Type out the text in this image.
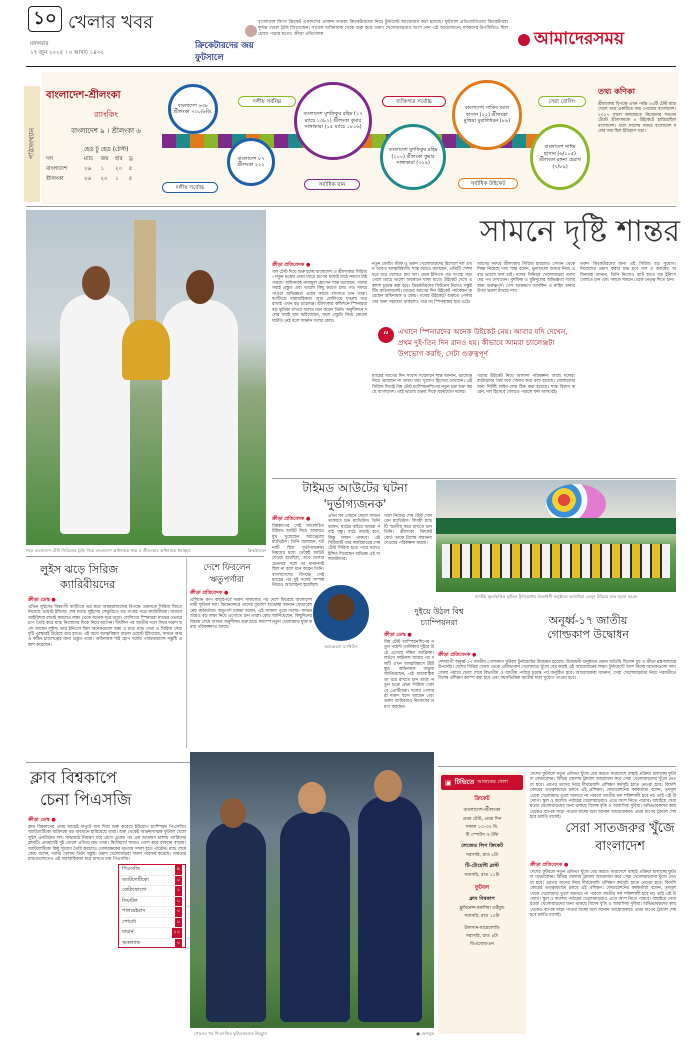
১০ খেলার খবর
মঙ্গলবার
১৭ জুন ২০২৫ । ৩ আষাঢ় ১৪৩২
ক্রিকেটারদের জয় ফুটসালে
বাংলাদেশ কিংস ক্রিকেট একাদশের প্রাক্তন তারকা ক্রিকেটারদের নিয়ে টুর্নামেন্ট আয়োজন করা হয়েছে। ফুটসাল প্রতিযোগিতায় ক্রিকেটাররা দুর্দান্ত খেলে ট্রফি জিতেছেন। সাবেক অধিনায়ক থেকে শুরু করে তরুণ খেলোয়াড়রাও অংশ নেন এই আয়োজনে। দর্শকদের উপস্থিতিও ছিল চোখে পড়ার মতো। ক্রীড়া প্রতিবেদক	আমাদেরসময়
পরিসংখ্যান
বাংলাদেশ-শ্রীলংকা
র‍্যাংকিং
বাংলাদেশ ৯ । শ্রীলংকা ৬
হেড টু হেড (টেস্ট)
দল	ম্যাচ	জয়	হার	ড্র
বাংলাদেশ	২৬	১	২০	৫
শ্রীলংকা	২৬	২০	১	৫
বাংলাদেশ ৬৩৮ শ্রীলংকা ৭৩০/৬ডি.
বাংলাদেশ ৮৭ শ্রীলংকা ২২২
দলীয় সর্বনিম্ন
দলীয় সর্বোচ্চ
বাংলাদেশ মুশফিকুর রহিম (১৭ ম্যাচে ১৩৮২) শ্রীলংকা কুমার সাঙ্গাকারা (১৫ ম্যাচে ১৮১৬)
সর্বাধিক রান
ব্যক্তিগত সর্বোচ্চ
বাংলাদেশ মুশফিকুর রহিম (২০০) শ্রীলংকা কুমার সাঙ্গাকারা (৩১৯)
বাংলাদেশ সাকিব আল হাসান (২২) শ্রীলংকা মুত্তিয়া মুরালিধরন (৮৯)
সর্বাধিক উইকেট
সেরা বোলিং
বাংলাদেশ নাঈম হাসান (৬/১০৫) শ্রীলংকা রঙ্গনা হেরাথ (৭/৮৯)
তথ্য কণিকা
শ্রীলংকার বিপক্ষে এখন পর্যন্ত ২৬টি টেস্ট ম্যাচ খেলে মাত্র একটিতে জয় পেয়েছে বাংলাদেশ। ২০১৭ সালে কলম্বোতে নিজেদের শততম টেস্টে শ্রীলংকাকে ৪ উইকেটে হারিয়েছিল বাংলাদেশ। গলে সবশেষ সফরে বাংলাদেশ দলের জয় ছিল ইতিহাস গড়া।
গলে বাংলাদেশ টেস্ট সিরিজের ট্রফি নিয়ে বাংলাদেশ অধিনায়ক শান্ত ও শ্রীলংকার অধিনায়ক ধনাঞ্জয়া	ক্রিকইনফো
সামনে দৃষ্টি শান্তর
ক্রীড়া প্রতিবেদক ●
গল টেস্ট দিয়ে শুরু হচ্ছে বাংলাদেশ ও শ্রীলংকার সিরিজ। নতুন চক্রের প্রথম ম্যাচে চাপের মধ্যেই মাঠে নামবে টাইগাররা। অধিনায়ক নাজমুল হোসেন শান্ত বলেছেন, দলের সবাই প্রস্তুত এবং ভালো কিছু করতে চায়। গত সফরে পাওয়া অভিজ্ঞতা এবার কাজে লাগাতে চান তারা। ব্যাটিংয়ে ধারাবাহিকতা আর বোলিংয়ে শৃঙ্খলা ধরে রাখাই এখন বড় চ্যালেঞ্জ। শ্রীলংকার কন্ডিশনে স্পিনাররা বড় ভূমিকা রাখবে বলেও মনে করেন তিনি। অনুশীলনে দলের সবাই ঘাম ঝরিয়েছেন, ফলে প্রস্তুতি নিয়ে কোনো ঘাটতি নেই বলে জানান দলের কোচ।
নতুন কোচিং স্টাফ ও তরুণ খেলোয়াড়দের মিশেলে দল এখন আরও আত্মবিশ্বাসী। শান্ত আরও বলেছেন, প্রতিটি সেশন ধরে ধরে খেলতে চায় দল। প্রথম ইনিংসে বড় সংগ্রহ গড়া গেলে ম্যাচে ভালো অবস্থানে থাকা যাবে। উইকেট দেখে একাদশ চূড়ান্ত করা হবে। ক্রিকেটারদের ফিটনেস নিয়েও সন্তুষ্ট টিম ম্যানেজমেন্ট। ম্যাচের আগের দিন উইকেট পর্যবেক্ষণ করেছেন অধিনায়ক ও কোচ। গলের উইকেটে শুরুতে পেসারদের জন্য সহায়তা থাকলেও পরে তা স্পিনবান্ধব হয়ে ওঠে।
আগের সফরে শ্রীলংকায় সিরিজ হারলেও সেখান থেকে শিক্ষা নিয়েছে দল। শান্ত বলেন, ভুলগুলো শুধরে নিয়ে এবার ভালো ফল চাই। দলের সিনিয়র খেলোয়াড়রা তরুণদের পথ দেখাবেন। মুশফিক ও মুমিনুলের অভিজ্ঞতা দলের জন্য গুরুত্বপূর্ণ। পেস আক্রমণে তাসকিন ও নাহিদ রানার উপর ভরসা রাখছে দল।
তরুণ ক্রিকেটারদের জন্য এই সিরিজ বড় সুযোগ। নিজেদের প্রমাণ করার মঞ্চ হবে গল ও কলম্বো। অধিনায়ক জানান, তিনি নিজেও ব্যাট হাতে বড় ইনিংস খেলতে চান এবং দলকে সামনে থেকে নেতৃত্ব দিতে চান।
“	এখানে স্পিনারদের অনেক উইকেট নেয়। আবার যদি দেখেন, প্রথম দুই-তিন দিন রানও হয়। কীভাবে আমরা চ্যালেঞ্জটা উপভোগ করছি, সেটা গুরুত্বপূর্ণ
ম্যাচের আগের দিন সংবাদ সম্মেলনে শান্ত জানান, চ্যালেঞ্জ নিয়ে ভাবছেন না তারা। বরং সুযোগ হিসেবে দেখছেন। এই সিরিজ দিয়েই বিশ্ব টেস্ট চ্যাম্পিয়নশিপের নতুন চক্র শুরু করছে বাংলাদেশ। তাই ভালো শুরুর দিকে মনোযোগ দলের।
গলের উইকেট নিয়ে আলাদা পরিকল্পনা আছে দলের। ব্যাটারদের ধৈর্য ধরে খেলার কথা বলা হয়েছে। বোলারদের জন্য নির্দিষ্ট লাইন-লেন্থ ঠিক করা হয়েছে। শান্ত বিশ্বাস করেন, দল হিসেবে খেলতে পারলে ফল আসবেই।
টাইমড আউটের ঘটনা
'দুর্ভাগ্যজনক'
ক্রীড়া প্রতিবেদক ●
বিশ্বকাপের সেই আলোচিত টাইমড আউট নিয়ে আবারও মুখ খুলেছেন অ্যাঞ্জেলো ম্যাথিউস। তিনি বলেছেন, ঘটনাটি ছিল দুর্ভাগ্যজনক। নিয়মের মধ্যে থেকেই আউট দেওয়া হয়েছিল, তবে খেলার চেতনার সঙ্গে তা মানানসই ছিল না বলে মনে করেন তিনি। বাংলাদেশের বিপক্ষে সেই ম্যাচের পর দুই দলের সম্পর্ক নিয়েও আলোচনা হয়েছিল।
এখন সব পেছনে ফেলে সামনে তাকাতে চান ম্যাথিউস। তিনি বলেন, মাঠের বাইরে আমরা সবাই বন্ধু। মাঠে লড়াই হবে, কিন্তু সম্মান থাকবে। এই সিরিজটি তার ক্যারিয়ারের শেষ টেস্ট সিরিজ হতে পারে বলেও ইঙ্গিত দিয়েছেন অভিজ্ঞ এই অলরাউন্ডার।
অ্যাঞ্জেলো ম্যাথিউস
গলে নিজের শেষ টেস্ট খেলবেন ম্যাথিউস। বিদায়ী ম্যাচটি স্মরণীয় করে রাখতে চান তিনি। শ্রীলংকা ক্রিকেট বোর্ড তাকে বিশেষ সম্মাননা দেওয়ার পরিকল্পনা করছে।
লুইস ঝড়ে সিরিজ
ক্যারিবীয়দের
ক্রীড়া ডেস্ক ●
এভিন লুইসের বিধ্বংসী ব্যাটিংয়ে ভর করে আয়ারল্যান্ডের বিপক্ষে ওয়ানডে সিরিজ জিতে নিয়েছে ওয়েস্ট ইন্ডিজ। শেষ ম্যাচে লুইসের সেঞ্চুরিতে বড় সংগ্রহ গড়ে ক্যারিবীয়রা। জবাবে আইরিশরা লড়াই করলেও লক্ষ্য থেকে অনেক দূরে থামে। বোলিংয়ে স্পিনাররা মাঝের ওভারে চাপ তৈরি করে ম্যাচ নিজেদের দিকে নিয়ে আসেন। দীর্ঘদিন পর জাতীয় দলে ফিরে দারুণ ছন্দে আছেন লুইস। তার ইনিংসে ছিল অনেকগুলো ছক্কা ও চার। ম্যাচ সেরা ও সিরিজ সেরা দুটি পুরস্কারই উঠেছে তার হাতে। এই জয়ে আত্মবিশ্বাস বাড়ল ওয়েস্ট ইন্ডিজের, সামনে আরও কঠিন চ্যালেঞ্জের জন্য প্রস্তুত তারা। অধিনায়ক শাই হোপ দলের পারফরম্যান্সে সন্তুষ্টি প্রকাশ করেছেন।
দেশে ফিরলেন
ঋতুপর্ণারা
ক্রীড়া প্রতিবেদক ●
এশিয়ান কাপ বাছাইপর্বে দারুণ সাফল্যের পর দেশে ফিরেছে বাংলাদেশ নারী ফুটবল দল। বিমানবন্দরে তাদের ফুলেল শুভেচ্ছা জানান ফেডারেশনের কর্মকর্তারা। ঋতুপর্ণা চাকমা বলেন, এই সাফল্য পুরো দলের। সামনে আরও বড় লক্ষ্য নিয়ে এগোতে চান তারা। কোচ জানিয়েছেন, কিছুদিনের বিশ্রাম শেষে আবার অনুশীলন শুরু হবে। ক্যাম্পে নতুন খেলোয়াড় যুক্ত করার পরিকল্পনাও আছে।
জাতীয় স্কুলভিত্তিক ফুটবল টুর্নামেন্টের উদ্বোধনী অনুষ্ঠানে অতিথিরা বেলুন উড়িয়ে শুভ সূচনা করেন
দুইয়ে উঠল বিশ্ব
চ্যাম্পিয়নরা
ক্রীড়া ডেস্ক ●
বিশ্ব টেস্ট চ্যাম্পিয়নশিপের নতুন পয়েন্ট তালিকায় দুইয়ে উঠে এসেছে দক্ষিণ আফ্রিকা। লর্ডসে ফাইনাল জয়ের পর দলটি এখন আত্মবিশ্বাসে টইটম্বুর। অধিনায়ক বাভুমা জানিয়েছেন, এই ধারাবাহিকতা ধরে রাখতে চান তারা। নতুন চক্রে প্রথম সিরিজ খেলবে প্রোটিয়ারা। দলের পেসাররা দারুণ ছন্দে আছেন এবং তরুণ ব্যাটাররাও নিজেদের প্রমাণ করছেন।
অনূর্ধ্ব-১৭ জাতীয়
গোল্ডকাপ উদ্বোধন
ক্রীড়া প্রতিবেদক ●
দেশব্যাপী অনূর্ধ্ব-১৭ জাতীয় গোল্ডকাপ ফুটবল টুর্নামেন্টের উদ্বোধন হয়েছে। উদ্বোধনী অনুষ্ঠানে প্রধান অতিথি ছিলেন যুব ও ক্রীড়া মন্ত্রণালয়ের উপদেষ্টা। দেশের বিভিন্ন জেলা থেকে প্রতিভাবান খেলোয়াড় খুঁজে বের করাই এই আয়োজনের লক্ষ্য। টুর্নামেন্টে অংশ নিচ্ছে অনেকগুলো দল। জেলা পর্যায়ে খেলা শেষে বিভাগীয় ও জাতীয় পর্যায়ে চূড়ান্ত পর্ব অনুষ্ঠিত হবে। আয়োজকরা জানান, সেরা খেলোয়াড়দের নিয়ে পরবর্তীতে বিশেষ প্রশিক্ষণ ক্যাম্প করা হবে এবং বয়সভিত্তিক জাতীয় দলে সুযোগ দেওয়া হবে।
ক্লাব বিশ্বকাপে
চেনা পিএসজি
ক্রীড়া ডেস্ক ●
ক্লাব বিশ্বকাপের প্রথম ম্যাচেই দাপুটে জয় দিয়ে শুরু করেছে ইউরোপ চ্যাম্পিয়ন পিএসজি। অ্যাটলেটিকো মাদ্রিদকে বড় ব্যবধানে হারিয়েছে তারা। শুরু থেকেই আক্রমণাত্মক ফুটবল খেলে লুইস এনরিকের দল। মাঝমাঠে নিয়ন্ত্রণ ধরে রেখে একের পর এক আক্রমণ চালায় প্যারিসের ক্লাবটি। প্রথমার্ধেই দুই গোলে এগিয়ে যায় তারা। দ্বিতীয়ার্ধে আরও গোল করে ব্যবধান বাড়ায়। অ্যাটলেটিকো কিছু সুযোগ তৈরি করলেও গোলরক্ষকের দৃঢ়তায় সফল হতে পারেনি। ম্যাচ শেষে কোচ বলেন, দলের খেলায় তিনি সন্তুষ্ট। তরুণ খেলোয়াড়রা দারুণ পারফর্ম করেছে। সামনের ম্যাচগুলোতেও এই ধারাবাহিকতা ধরে রাখতে চায় পিএসজি।
পিএসজি	৪
অ্যাটলেটিকো	০
বোটাফোগো	১
সিয়াটল	০
পালমেইরাস	০
পোর্তো	০
বায়ার্ন	১০
অকল্যান্ড	০
গোলের পর পিএসজির ফুটবলারদের উচ্ছ্বাস	● ফেসবুক
▣ টিভিতে আজকের খেলা
ক্রিকেট
বাংলাদেশ-শ্রীলংকা
প্রথম টেস্ট, প্রথম দিন
সকাল ১০-৩০ মি.
টি স্পোর্টস ও টফি
লেজেন্ড লিগ ক্রিকেট
সরাসরি, রাত ৮টা
টি-টোয়েন্টি ব্লাস্ট
সরাসরি, রাত ১১টা
ফুটবল
ক্লাব বিশ্বকাপ
ফ্লুমিনেন্স-বরুশিয়া ডর্টমুন্ড
সরাসরি, রাত ১০টা
উলসান-মামেলোডি
সরাসরি, রাত ৪টা
ডিএজেডএন
সেরা সাতজরুর খুঁজে
বাংলাদেশ
ক্রীড়া প্রতিবেদক ●
দেশের ফুটবলে নতুন প্রতিভা খুঁজে বের করতে সারাদেশে বাছাই প্রক্রিয়া চালাচ্ছে ফুটবল ফেডারেশন। বিভিন্ন জেলায় ট্রায়াল আয়োজন করে সেরা খেলোয়াড়দের খুঁজে নেওয়া হবে। এরপর তাদের নিয়ে দীর্ঘমেয়াদি প্রশিক্ষণ কর্মসূচি হাতে নেওয়া হবে। বিদেশি কোচের তত্ত্বাবধানে চলবে এই প্রশিক্ষণ। ফেডারেশনের কর্মকর্তারা বলেন, তৃণমূল থেকে খেলোয়াড় তুলে আনতে না পারলে জাতীয় দল শক্তিশালী হবে না। তাই এই উদ্যোগ। স্কুল ও কলেজ পর্যায়ের খেলোয়াড়রাও এতে অংশ নিতে পারবে। বাছাইয়ে সেরা হওয়া খেলোয়াড়দের জন্য থাকছে বিশেষ বৃত্তি ও আবাসিক সুবিধা। অভিভাবকদের কাছ থেকেও ব্যাপক সাড়া পাওয়া যাচ্ছে বলে জানান আয়োজকরা। প্রথম ধাপের ট্রায়াল শেষ হবে চলতি মাসেই।
দেশের ফুটবলে নতুন প্রতিভা খুঁজে বের করতে সারাদেশে বাছাই প্রক্রিয়া চালাচ্ছে ফুটবল ফেডারেশন। বিভিন্ন জেলায় ট্রায়াল আয়োজন করে সেরা খেলোয়াড়দের খুঁজে নেওয়া হবে। এরপর তাদের নিয়ে দীর্ঘমেয়াদি প্রশিক্ষণ কর্মসূচি হাতে নেওয়া হবে। বিদেশি কোচের তত্ত্বাবধানে চলবে এই প্রশিক্ষণ। ফেডারেশনের কর্মকর্তারা বলেন, তৃণমূল থেকে খেলোয়াড় তুলে আনতে না পারলে জাতীয় দল শক্তিশালী হবে না। তাই এই উদ্যোগ। স্কুল ও কলেজ পর্যায়ের খেলোয়াড়রাও এতে অংশ নিতে পারবে। বাছাইয়ে সেরা হওয়া খেলোয়াড়দের জন্য থাকছে বিশেষ বৃত্তি ও আবাসিক সুবিধা। অভিভাবকদের কাছ থেকেও ব্যাপক সাড়া পাওয়া যাচ্ছে বলে জানান আয়োজকরা। প্রথম ধাপের ট্রায়াল শেষ হবে চলতি মাসেই।
